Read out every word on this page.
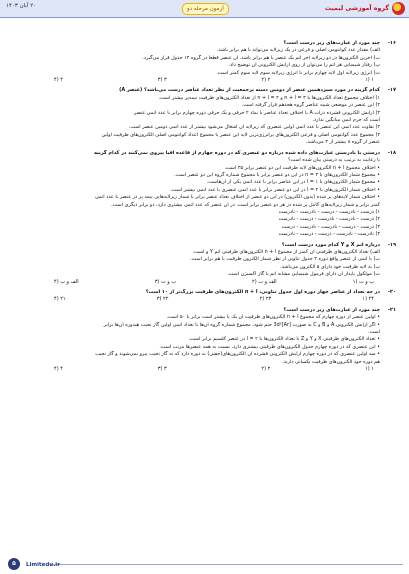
گروه آموزشی لیمیت
آزمون مرحله دو
۲۰ آبان ۱۴۰۳
-۱۶
چند مورد از عبارت‌های زیر درست است؟
الف) مقدار عدد کوانتومی اصلی و فرعی در یک زیرلایه می‌تواند با هم برابر باشد.
ب) آخرین الکترون‌ها در دو زیرلایه آخر اتم یک عنصر با هم برابر باشد. آن عنصر قطعاً در گروه ۱۴ جدول قرار می‌گیرد.
پ) رفتار شیمیایی هر اتم را می‌توان از روی آرایش الکترونی آن توضیح داد.
ت) انرژی زیرلایه اول لایه چهارم برابر با انرژی زیرلایه سوم لایه سوم کمتر است.
۱ (۱
۲ (۲
۳ (۳
۴ (۴
-۱۷
کدام گزینه در مورد سیزدهمین عنصر از دومین دسته پرجمعیت از نظر تعداد عناصر درست می‌باشد؟ (عنصر A)
۱) اختلاف مجموع تعداد الکترون‌ها با n + l = ۳ و n + l = ۴ از تعداد الکترون‌های ظرفیت نیمه‌پر بیشتر است.
۲) این عنصر در موضعی شبیه عناصر گروه هجدهم قرار گرفته است.
۳) آرایش الکترونی فشرده ذرات A با اختلاف تعداد عناصر با نماد ۲ حرفی و یک حرفی دوره چهارم برابر با عدد اتمی عنصر
است که جرم اتمی میانگین ندارد.
۴) تفاوت عدد اتمی این عنصر با عدد اتمی اولین عنصری که زیرلایه آن اشغال می‌شود بیشتر از عدد اتمی دومین عنصر است.
۴) مجموع عدد کوانتومی اصلی و فرعی الکترون‌های پرانرژی‌ترین لایه این عنصر با مجموع اعداد کوانتومی اصلی الکترون‌های ظرفیت اولین
عنصر از گروه ۸ بیشتر از ۳ می‌باشد.
-۱۸
درستی یا نادرستی عبارت‌های داده شده درباره دو عنصری که در دوره چهارم از قاعده آفبا پیروی نمی‌کنند در کدام گزینه
با رعایت به ترتیب به درستی بیان شده است؟
• اختلاف مجموع n + l الکترون‌های لایه ظرفیت این دو عنصر برابر ۳۵ است.
• مجموع شمار الکترون‌های با n = ۳ در این دو عنصر برابر با مجموع شماره گروه این دو عنصر است.
• مجموع شمار الکترون‌های با l = ۱ در این عناصر برابر با عدد اتمی یکی از آن‌هاست.
• اختلاف شمار الکترون‌های با l = ۲ در این دو عنصر برابر با عدد اتمی عنصری با عدد اتمی بیشتر است.
• اختلاف شمار لایه‌های پر شده (بدون الکترون) در این دو عنصر از اختلاف تعداد عنصر برابر با شمار زیرلایه‌هایی نیمه پر در عنصر با عدد اتمی
کمتر برابر و شمار زیرلایه‌های کامل پر شده در هر دو عنصر برابر است. در آن عنصر که عدد اتمی بیشتری دارد، دو برابر دیگری است.
۱) درست - نادرست - درست - نادرست - نادرست
۲) درست - نادرست - نادرست - درست - نادرست
۳) درست - درست - نادرست - نادرست - درست
۴) نادرست - نادرست - درست - درست - نادرست
-۱۹
درباره اتم X و Y کدام مورد درست است؟
الف) تعداد الکترون‌های ظرفیتی آن کمتر از مجموع n + l الکترون‌های ظرفیتی اتم Y و است.
ب) با اتمی از عنصر واقع دوره ۳ جدول تناوبی از نظر شمار الکترون ظرفیت با هم برابر است.
پ) به لایه ظرفیت خود دارای ۵ الکترون می‌باشد.
ت) مولکول پایدار آن دارای فرمول شیمیایی مشابه اتم با گاز اکسیژن است.
پ و ت (۱
الف و ب (۲
ب و ت (۳
الف و پ (۴
-۲۰
در چه تعداد از عناصر چهار دوره اول جدول تناوبی، n + l الکترون‌های ظرفیت بزرگ‌تر از ۱۰ است؟
۲۴ (۱
۲۳ (۲
۲۲ (۳
۲۱ (۴
-۲۱
چند مورد از عبارت‌های زیر درست است؟
• اولین عنصر از دوره چهارم که مجموع n + l الکترون‌های ظرفیت آن یک یا بیشتر است برابر با ۵۰ است.
• اگر آرایش الکترونی A و B و C به صورت [Ar]3d⁵ ختم شود، مجموع شماره گروه آن‌ها با تعداد اتمی اولین گاز نجیب هیدوره آن‌ها برابر
است.
• تعداد الکترون‌های ظرفیتی X و Y و Z با تعداد الکترون‌ها با l = ۲ در عنصر کلسیم برابر است.
• این عنصری که در دوره چهارم جدول الکترون‌های ظرفیتی بیشتری دارد، نسبت به همه عنصرها مرتب است.
• سه اولین عنصری که در دوره چهارم آرایش الکترونی فشرده آن الکترون‌های(جفتی) به دوره دارد که به گاز نجیب پیرو نمی‌شوند و گاز نجیب
هم دوره خود الکترون‌های ظرفیت یکسانی دارند.
۱ (۱
۲ (۲
۳ (۳
۴ (۴
Limitedu.ir
۵
